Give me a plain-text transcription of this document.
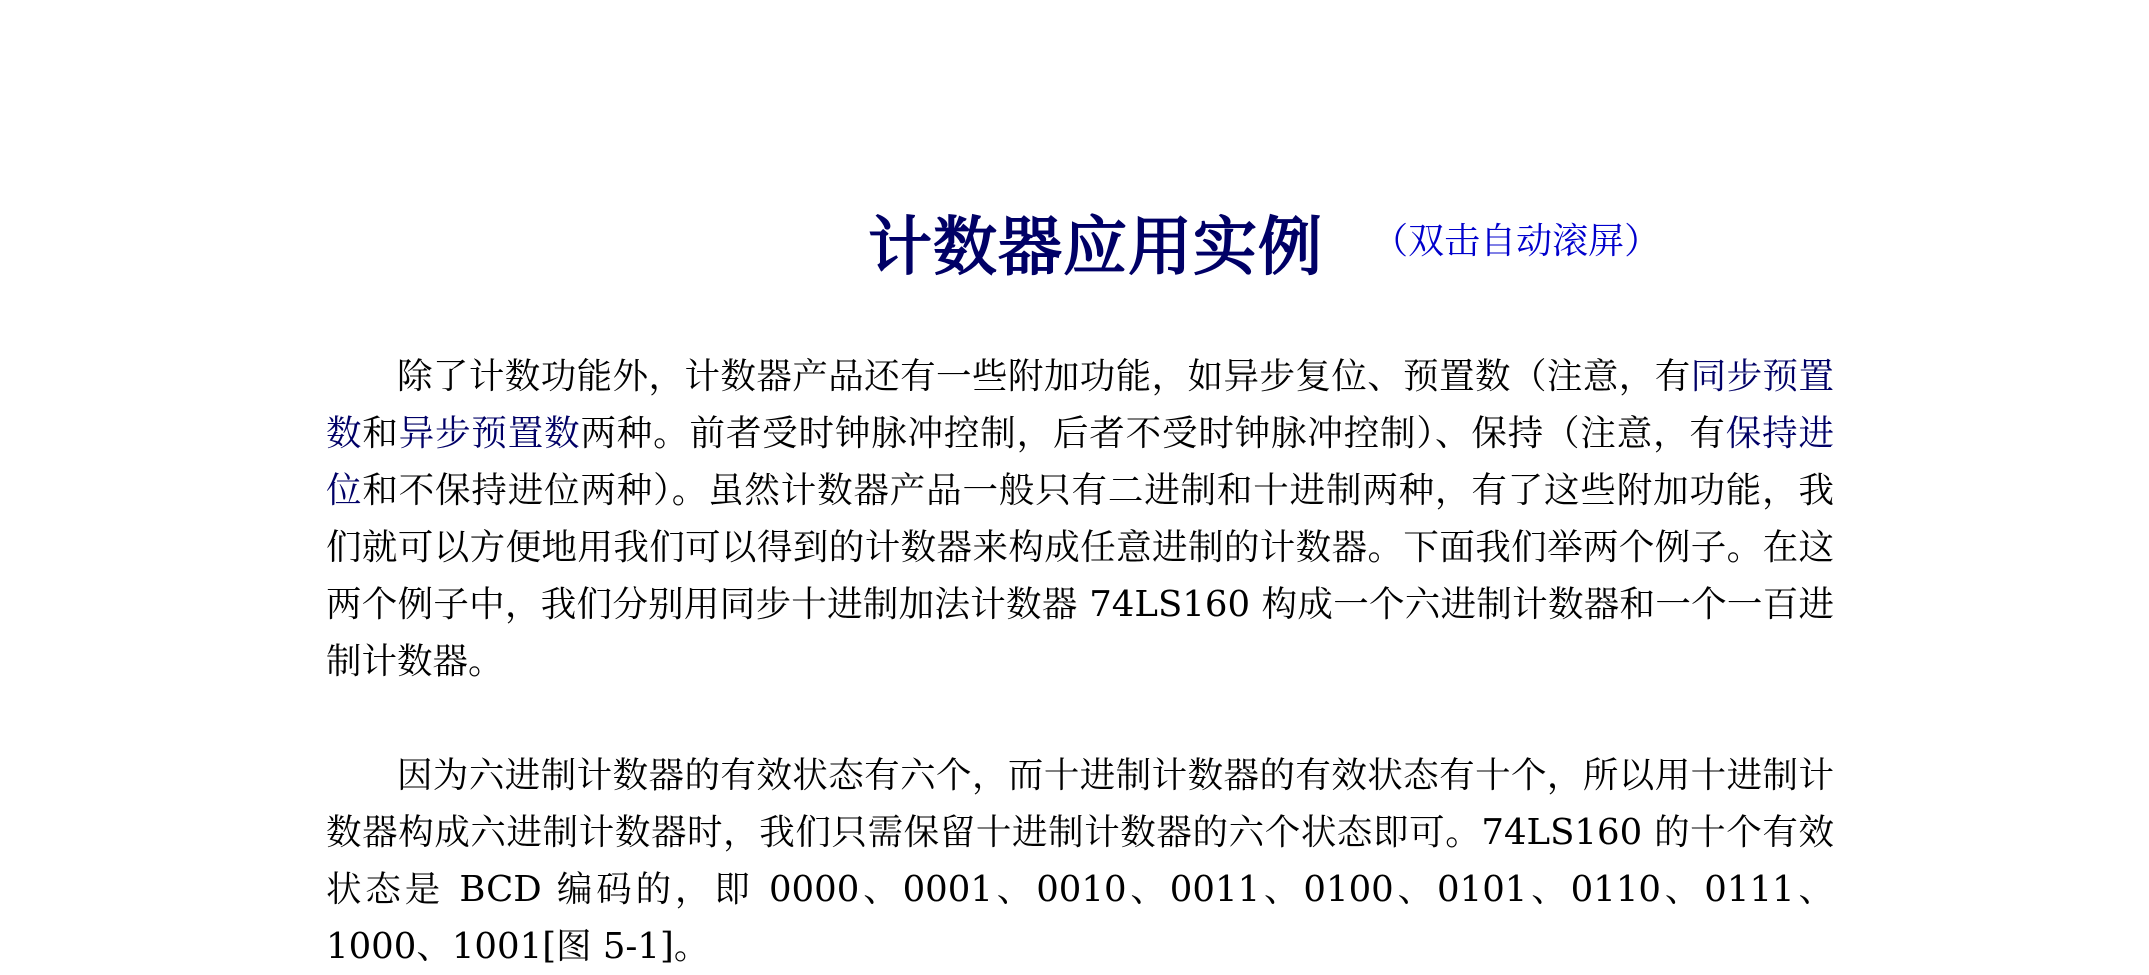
计数器应用实例 （双击自动滚屏）

除了计数功能外，计数器产品还有一些附加功能，如异步复位、预置数（注意，有同步预置数和异步预置数两种。前者受时钟脉冲控制，后者不受时钟脉冲控制）、保持（注意，有保持进位和不保持进位两种）。虽然计数器产品一般只有二进制和十进制两种，有了这些附加功能，我们就可以方便地用我们可以得到的计数器来构成任意进制的计数器。下面我们举两个例子。在这两个例子中，我们分别用同步十进制加法计数器 74LS160 构成一个六进制计数器和一个一百进制计数器。

因为六进制计数器的有效状态有六个，而十进制计数器的有效状态有十个，所以用十进制计数器构成六进制计数器时，我们只需保留十进制计数器的六个状态即可。74LS160 的十个有效状态是 BCD 编码的，即 0000、0001、0010、0011、0100、0101、0110、0111、1000、1001[图 5-1]。
